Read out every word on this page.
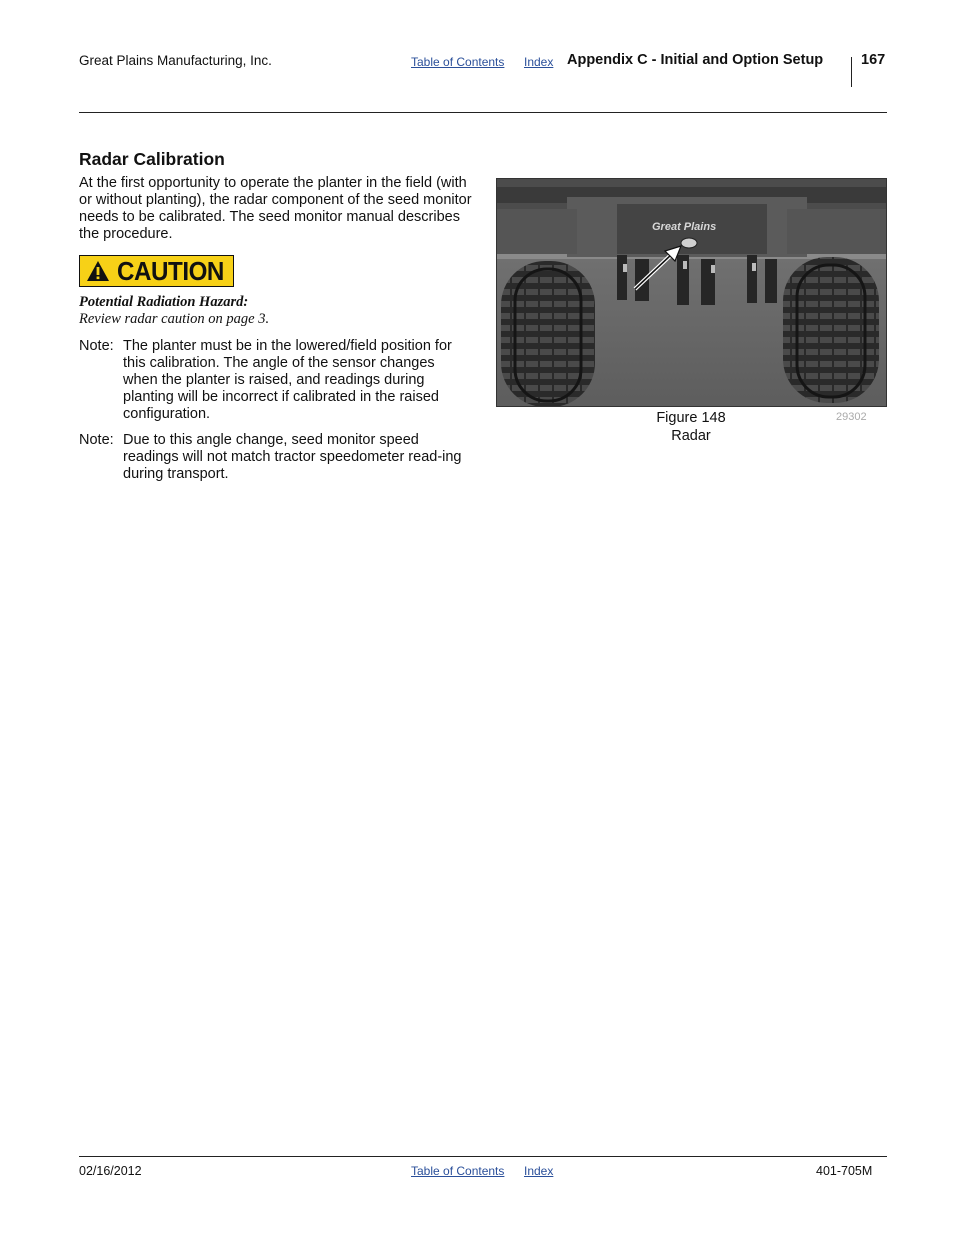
Great Plains Manufacturing, Inc.	Table of Contents Index Appendix C - Initial and Option Setup	167
Radar Calibration
At the first opportunity to operate the planter in the field (with or without planting), the radar component of the seed monitor needs to be calibrated. The seed monitor manual describes the procedure.
CAUTION
Potential Radiation Hazard:
Review radar caution on page 3.
Note: The planter must be in the lowered/field position for this calibration. The angle of the sensor changes when the planter is raised, and readings during planting will be incorrect if calibrated in the raised configuration.
Note: Due to this angle change, seed monitor speed readings will not match tractor speedometer read-ing during transport.
Great Plains
Figure 148
Radar
29302
02/16/2012	Table of Contents Index	401-705M
